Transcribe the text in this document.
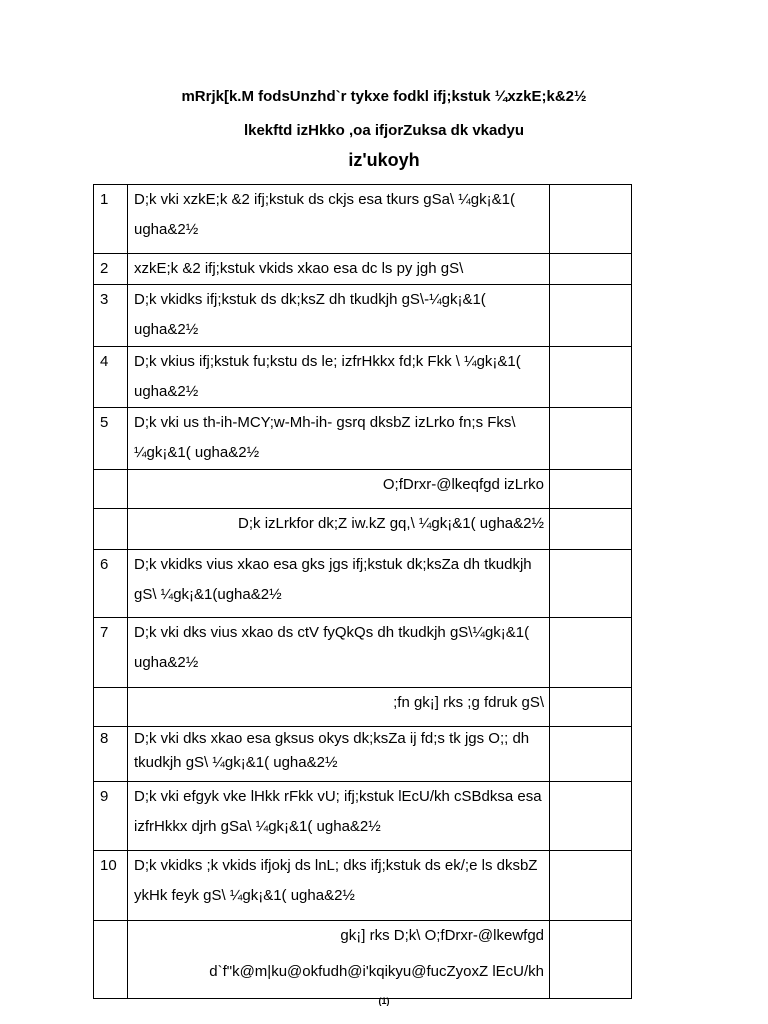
mRrjk[k.M fodsUnzhd`r tykxe fodkl ifj;kstuk ¼xzkE;k&2½
lkekftd izHkko ,oa ifjorZuksa dk vkadyu
iz'ukoyh
1	D;k vki xzkE;k &2 ifj;kstuk ds ckjs esa tkurs gSa\ ¼gk¡&1( ugha&2½	
2	xzkE;k &2 ifj;kstuk vkids xkao esa dc ls py jgh gS\	
3	D;k vkidks ifj;kstuk ds dk;ksZ dh tkudkjh gS\-¼gk¡&1( ugha&2½	
4	D;k vkius ifj;kstuk fu;kstu ds le; izfrHkkx fd;k Fkk \ ¼gk¡&1( ugha&2½	
5	D;k vki us th-ih-MCY;w-Mh-ih- gsrq dksbZ izLrko fn;s Fks\ ¼gk¡&1( ugha&2½	
	O;fDrxr-@lkeqfgd izLrko	
	D;k izLrkfor dk;Z iw.kZ gq,\ ¼gk¡&1( ugha&2½	
6	D;k vkidks vius xkao esa gks jgs ifj;kstuk dk;ksZa dh tkudkjh gS\ ¼gk¡&1(ugha&2½	
7	D;k vki dks vius xkao ds ctV fyQkQs dh tkudkjh gS\¼gk¡&1( ugha&2½	
	;fn gk¡] rks ;g fdruk gS\	
8	D;k vki dks xkao esa gksus okys dk;ksZa ij fd;s tk jgs O;; dh tkudkjh gS\ ¼gk¡&1( ugha&2½	
9	D;k vki efgyk vke lHkk rFkk vU; ifj;kstuk lEcU/kh cSBdksa esa izfrHkkx djrh gSa\ ¼gk¡&1( ugha&2½	
10	D;k vkidks ;k vkids ifjokj ds lnL; dks ifj;kstuk ds ek/;e ls dksbZ ykHk feyk gS\ ¼gk¡&1( ugha&2½	

	gk¡] rks D;k\ O;fDrxr-@lkewfgd
d`f"k@m|ku@okfudh@i'kqikyu@fucZyoxZ lEcU/kh	

(1)
